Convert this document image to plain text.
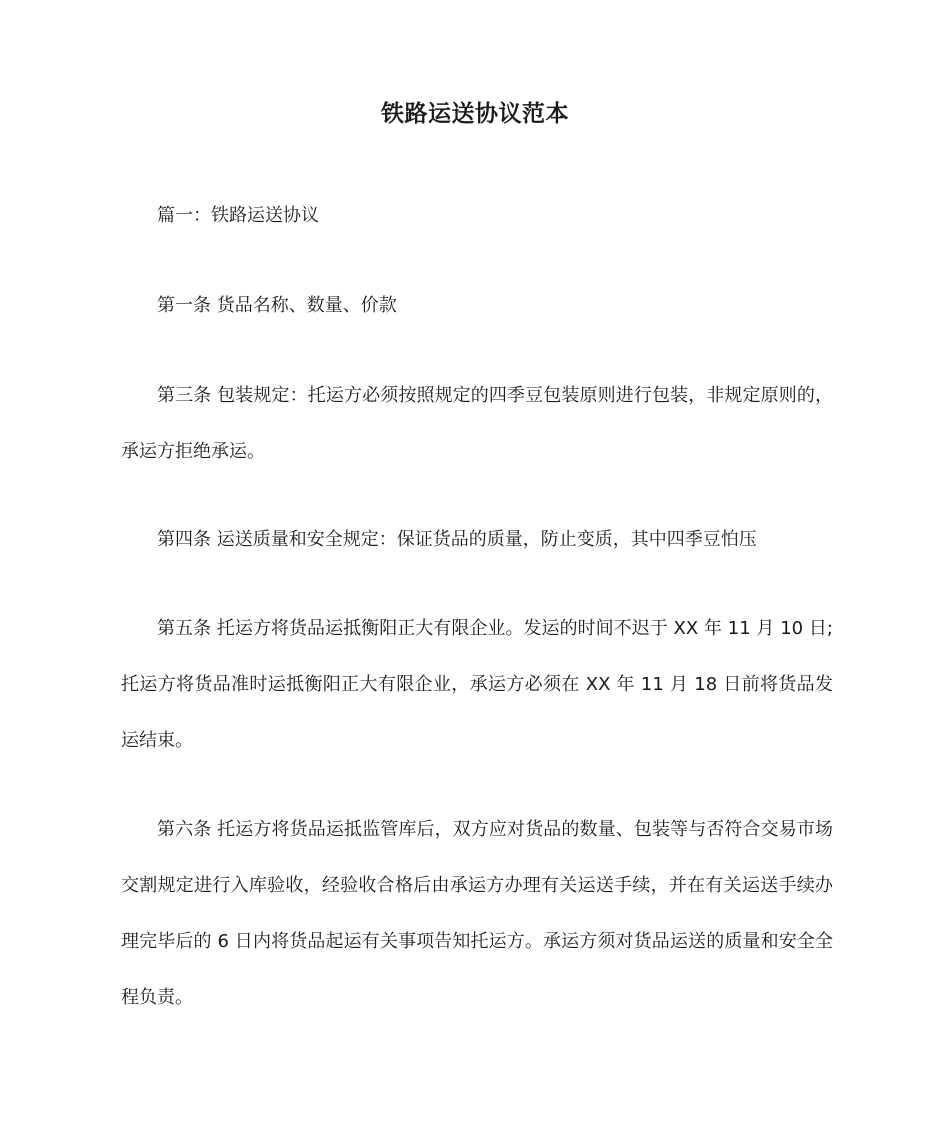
铁路运送协议范本

篇一：铁路运送协议

第一条 货品名称、数量、价款

第三条 包装规定：托运方必须按照规定的四季豆包装原则进行包装，非规定原则的，承运方拒绝承运。

第四条 运送质量和安全规定：保证货品的质量，防止变质，其中四季豆怕压

第五条 托运方将货品运抵衡阳正大有限企业。发运的时间不迟于 XX 年 11 月 10 日;托运方将货品准时运抵衡阳正大有限企业，承运方必须在 XX 年 11 月 18 日前将货品发运结束。

第六条 托运方将货品运抵监管库后，双方应对货品的数量、包装等与否符合交易市场交割规定进行入库验收，经验收合格后由承运方办理有关运送手续，并在有关运送手续办理完毕后的 6 日内将货品起运有关事项告知托运方。承运方须对货品运送的质量和安全全程负责。
